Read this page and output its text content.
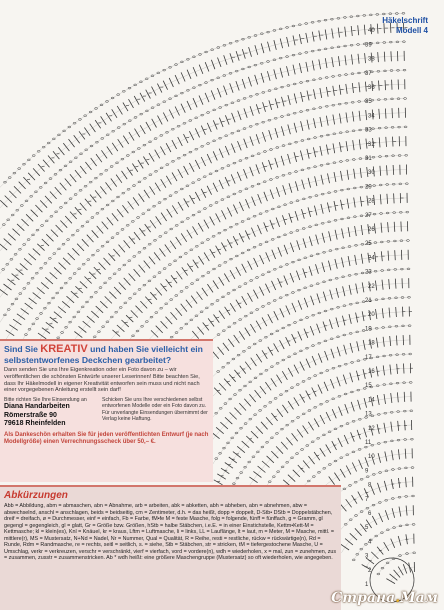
1
2
3
4
5
6
7
8
9
10
11
12
13
14
15
16
17
18
19
20
21
22
23
24
25
26
27
28
29
30
31
32
33
34
35
36
37
38
39
40
Häkelschrift
Modell 4
Sind Sie KREATIV und haben Sie vielleicht ein selbstentworfenes Deckchen gearbeitet?
Dann senden Sie uns Ihre Eigenkreation oder ein Foto davon zu – wir veröffentlichen die schönsten Entwürfe unserer Leserinnen! Bitte beachten Sie, dass Ihr Häkelmodell in eigener Kreativität entworfen sein muss und nicht nach einer vorgegebenen Anleitung erstellt sein darf!
Bitte richten Sie Ihre Einsendung an
Diana Handarbeiten
Römerstraße 90
79618 Rheinfelden
Schicken Sie uns Ihre verschiedenen selbst entworfenen Modelle oder ein Foto davon zu. Für unverlangte Einsendungen übernimmt der Verlag keine Haftung.
Als Dankeschön erhalten Sie für jeden veröffentlichten Entwurf (je nach Modellgröße) einen Verrechnungsscheck über 50,– €.
Abkürzungen
Abb = Abbildung, abm = abmaschen, abn = Abnahme, arb = arbeiten, abk = abketten, abh = abheben, abn = abnehmen, abw = abwechselnd, anschl = anschlagen, beids = beidseitig, cm = Zentimeter, d.h. = das heißt, dopp = doppelt, D-Stb• DStb = Doppelstäbchen, dreif = dreifach, ø = Durchmesser, einf = einfach, Fb = Farbe, fM•fe M = feste Masche, folg = folgende, fünff = fünffach, g = Gramm, gl gegengl = gegengleich, gl = glatt, Gr = Größe bzw. Größen, hStb = halbe Stäbchen, i.e.E. = in einer Einstichstelle, Kettm•Kett-M = Kettmasche; kl = klein(es), Knl = Knäuel, kr = kraus, Lftm = Luftmasche, li = links, LL = Lauflänge, lt = laut, m = Meter, M = Masche, mittl. = mittlere(r), MS = Mustersatz, N+Nd = Nadel, Nr = Nummer, Qual = Qualität, R = Reihe, resti = restliche, rückw = rückwärtige(n), Rd = Runde, Rdm = Randmasche, re = rechts, seitl = seitlich, s. = siehe, Stb = Stäbchen, str = stricken, tM = tiefergestochene Masche, U = Umschlag, verkr = verkreuzen, verschr = verschränkt, vierf = vierfach, vord = vordere(n), wdh = wiederholen, x = mal, zun = zunehmen, zus = zusammen, zusstr = zusammenstricken. Ab * wdh heißt: eine größere Maschengruppe (Mustersatz) so oft wiederholen, wie angegeben.
Страна.Мам
